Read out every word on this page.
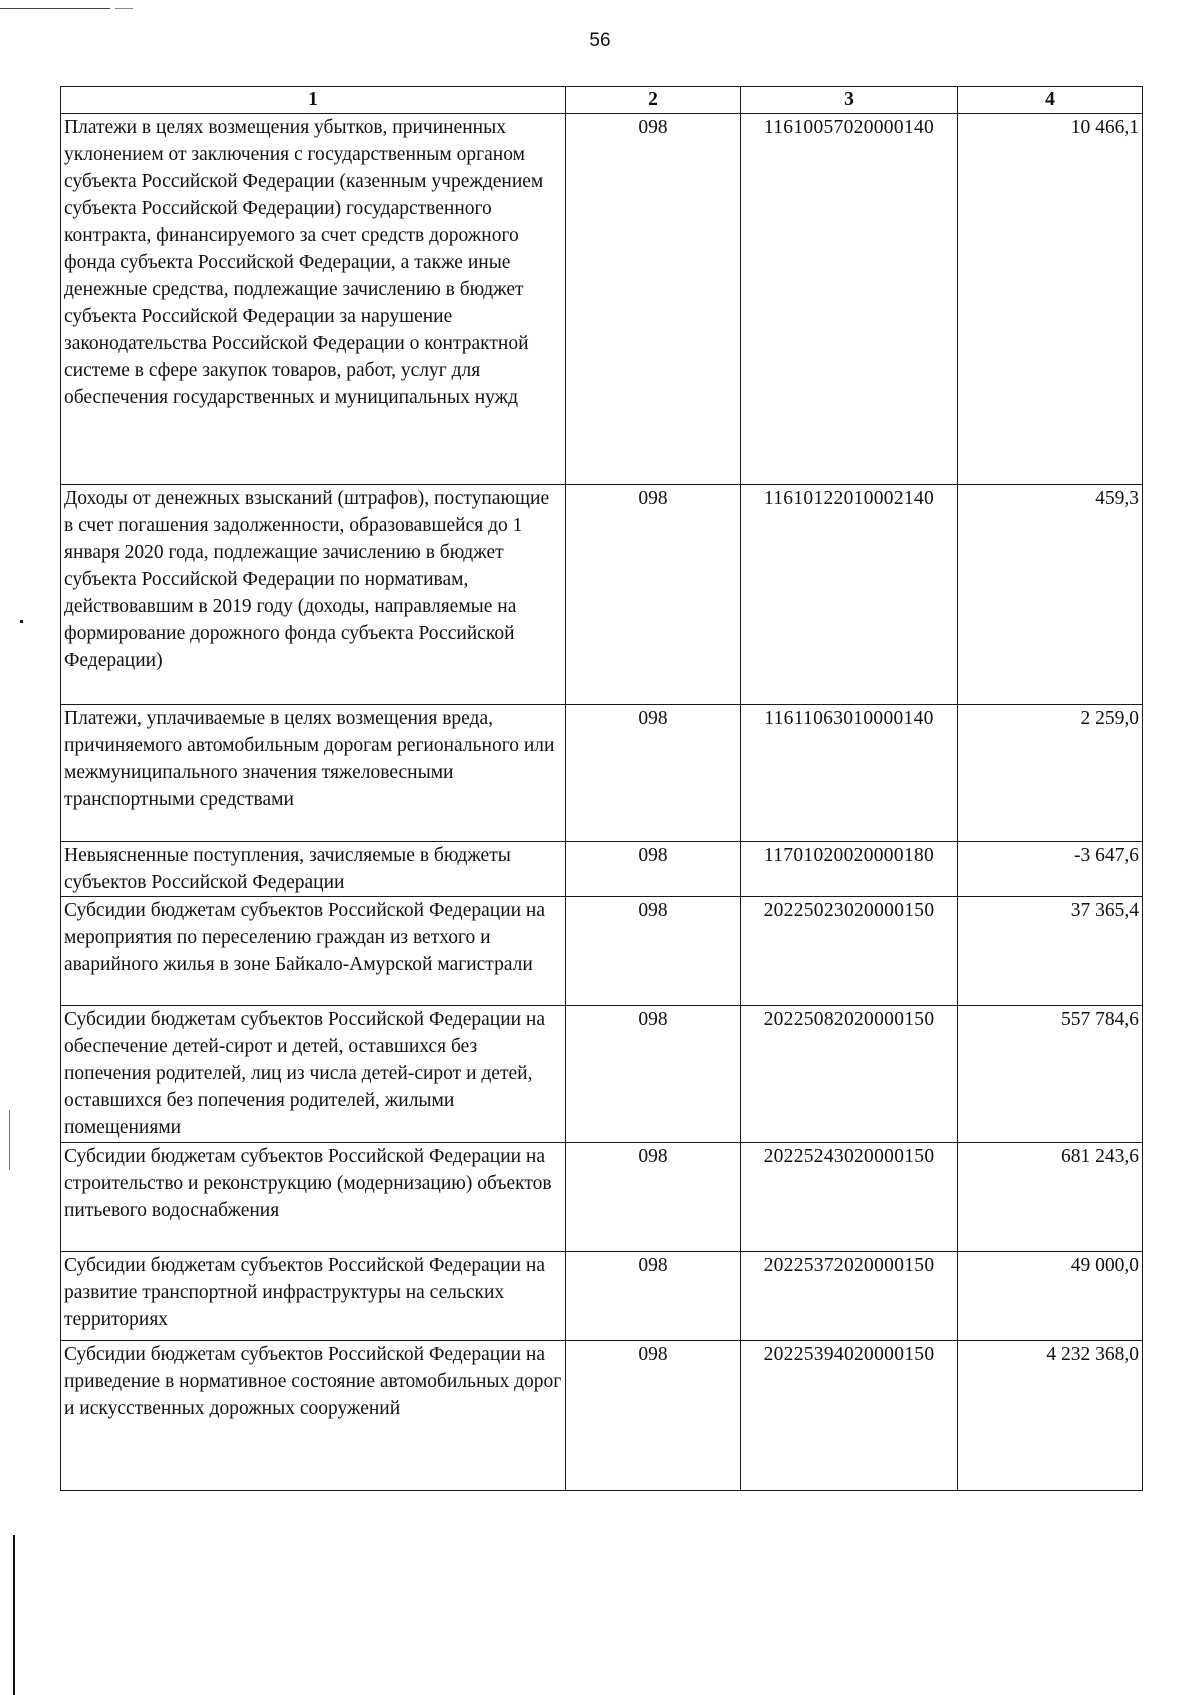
56
1	2	3	4
Платежи в целях возмещения убытков, причиненных уклонением от заключения с государственным органом субъекта Российской Федерации (казенным учреждением субъекта Российской Федерации) государственного контракта, финансируемого за счет средств дорожного фонда субъекта Российской Федерации, а также иные денежные средства, подлежащие зачислению в бюджет субъекта Российской Федерации за нарушение законодательства Российской Федерации о контрактной системе в сфере закупок товаров, работ, услуг для обеспечения государственных и муниципальных нужд	098	11610057020000140	10 466,1
Доходы от денежных взысканий (штрафов), поступающие в счет погашения задолженности, образовавшейся до 1 января 2020 года, подлежащие зачислению в бюджет субъекта Российской Федерации по нормативам, действовавшим в 2019 году (доходы, направляемые на формирование дорожного фонда субъекта Российской Федерации)	098	11610122010002140	459,3
Платежи, уплачиваемые в целях возмещения вреда, причиняемого автомобильным дорогам регионального или межмуниципального значения тяжеловесными транспортными средствами	098	11611063010000140	2 259,0
Невыясненные поступления, зачисляемые в бюджеты субъектов Российской Федерации	098	11701020020000180	-3 647,6
Субсидии бюджетам субъектов Российской Федерации на мероприятия по переселению граждан из ветхого и аварийного жилья в зоне Байкало-Амурской магистрали	098	20225023020000150	37 365,4
Субсидии бюджетам субъектов Российской Федерации на обеспечение детей-сирот и детей, оставшихся без попечения родителей, лиц из числа детей-сирот и детей, оставшихся без попечения родителей, жилыми помещениями	098	20225082020000150	557 784,6
Субсидии бюджетам субъектов Российской Федерации на строительство и реконструкцию (модернизацию) объектов питьевого водоснабжения	098	20225243020000150	681 243,6
Субсидии бюджетам субъектов Российской Федерации на развитие транспортной инфраструктуры на сельских территориях	098	20225372020000150	49 000,0
Субсидии бюджетам субъектов Российской Федерации на приведение в нормативное состояние автомобильных дорог и искусственных дорожных сооружений	098	20225394020000150	4 232 368,0
